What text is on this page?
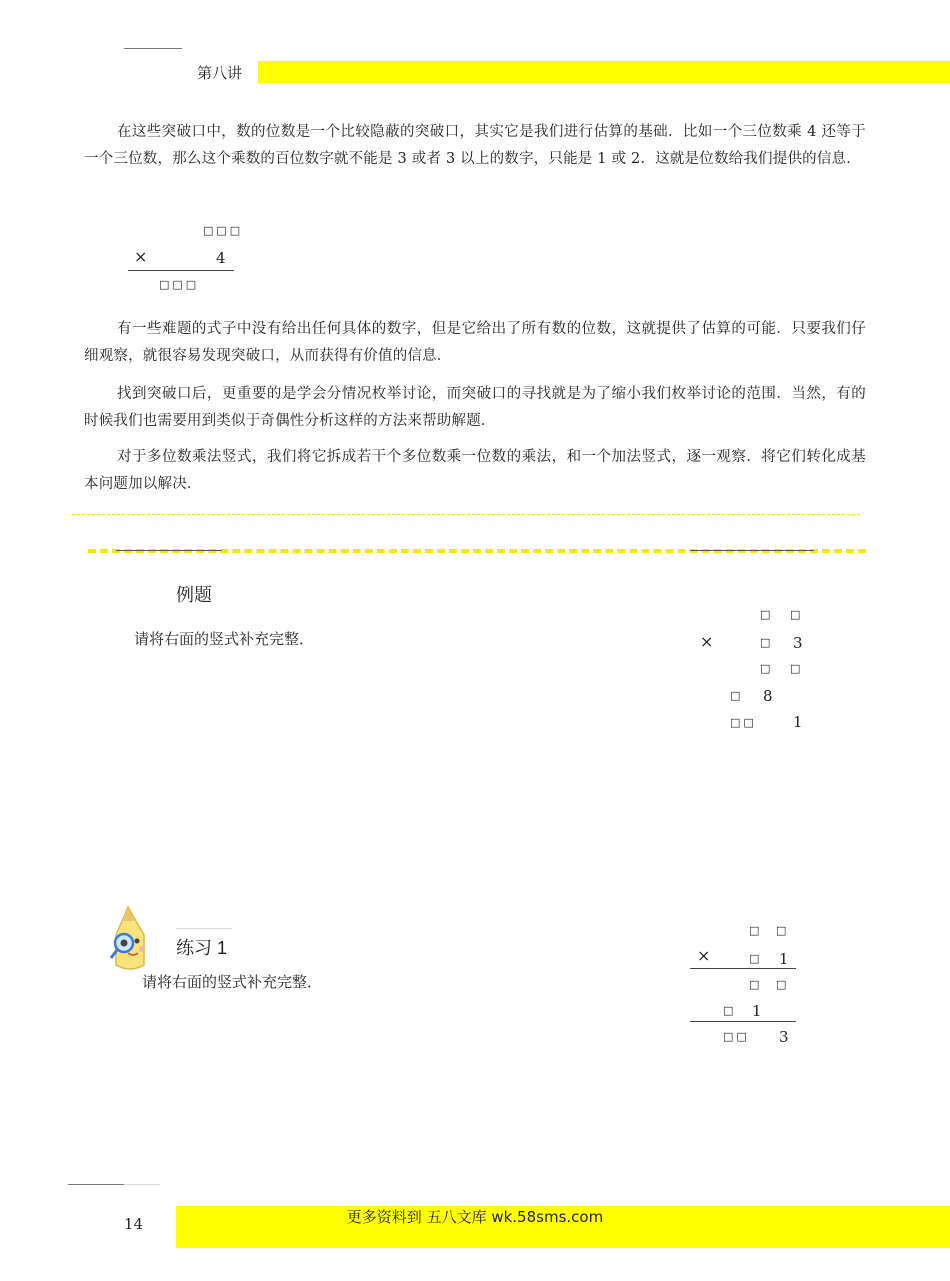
第八讲
在这些突破口中，数的位数是一个比较隐蔽的突破口，其实它是我们进行估算的基础．比如一个三位数乘 4 还等于一个三位数，那么这个乘数的百位数字就不能是 3 或者 3 以上的数字，只能是 1 或 2．这就是位数给我们提供的信息．
□□□
×	4
□□□
有一些难题的式子中没有给出任何具体的数字，但是它给出了所有数的位数，这就提供了估算的可能．只要我们仔细观察，就很容易发现突破口，从而获得有价值的信息．
找到突破口后，更重要的是学会分情况枚举讨论，而突破口的寻找就是为了缩小我们枚举讨论的范围．当然，有的时候我们也需要用到类似于奇偶性分析这样的方法来帮助解题．
对于多位数乘法竖式，我们将它拆成若干个多位数乘一位数的乘法，和一个加法竖式，逐一观察．将它们转化成基本问题加以解决．
例题
请将右面的竖式补充完整．
□ □
×	□ 3
□ □
□ 8
□□ 1
练习 1
请将右面的竖式补充完整．
□ □
×	□ 1
□ □
□ 1
□□ 3
14	更多资料到 五八文库 wk.58sms.com
